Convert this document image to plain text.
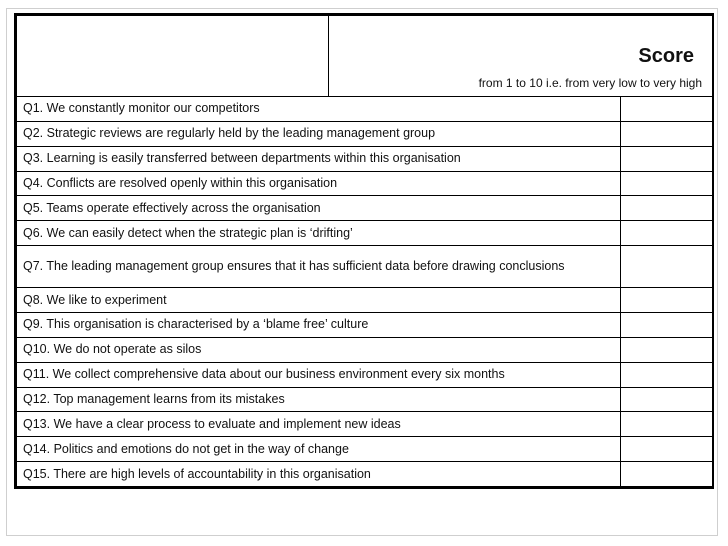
	Score
from 1 to 10 i.e. from very low to very high	

Q1. We constantly monitor our competitors		
Q2. Strategic reviews are regularly held by the leading management group		
Q3. Learning is easily transferred between departments within this organisation		
Q4. Conflicts are resolved openly within this organisation		
Q5. Teams operate effectively across the organisation		
Q6. We can easily detect when the strategic plan is ‘drifting’		
Q7. The leading management group ensures that it has sufficient data before drawing conclusions		
Q8. We like to experiment		
Q9. This organisation is characterised by a ‘blame free’ culture		
Q10. We do not operate as silos		
Q11. We collect comprehensive data about our business environment every six months		
Q12. Top management learns from its mistakes		
Q13. We have a clear process to evaluate and implement new ideas		
Q14. Politics and emotions do not get in the way of change		
Q15. There are high levels of accountability in this organisation		
